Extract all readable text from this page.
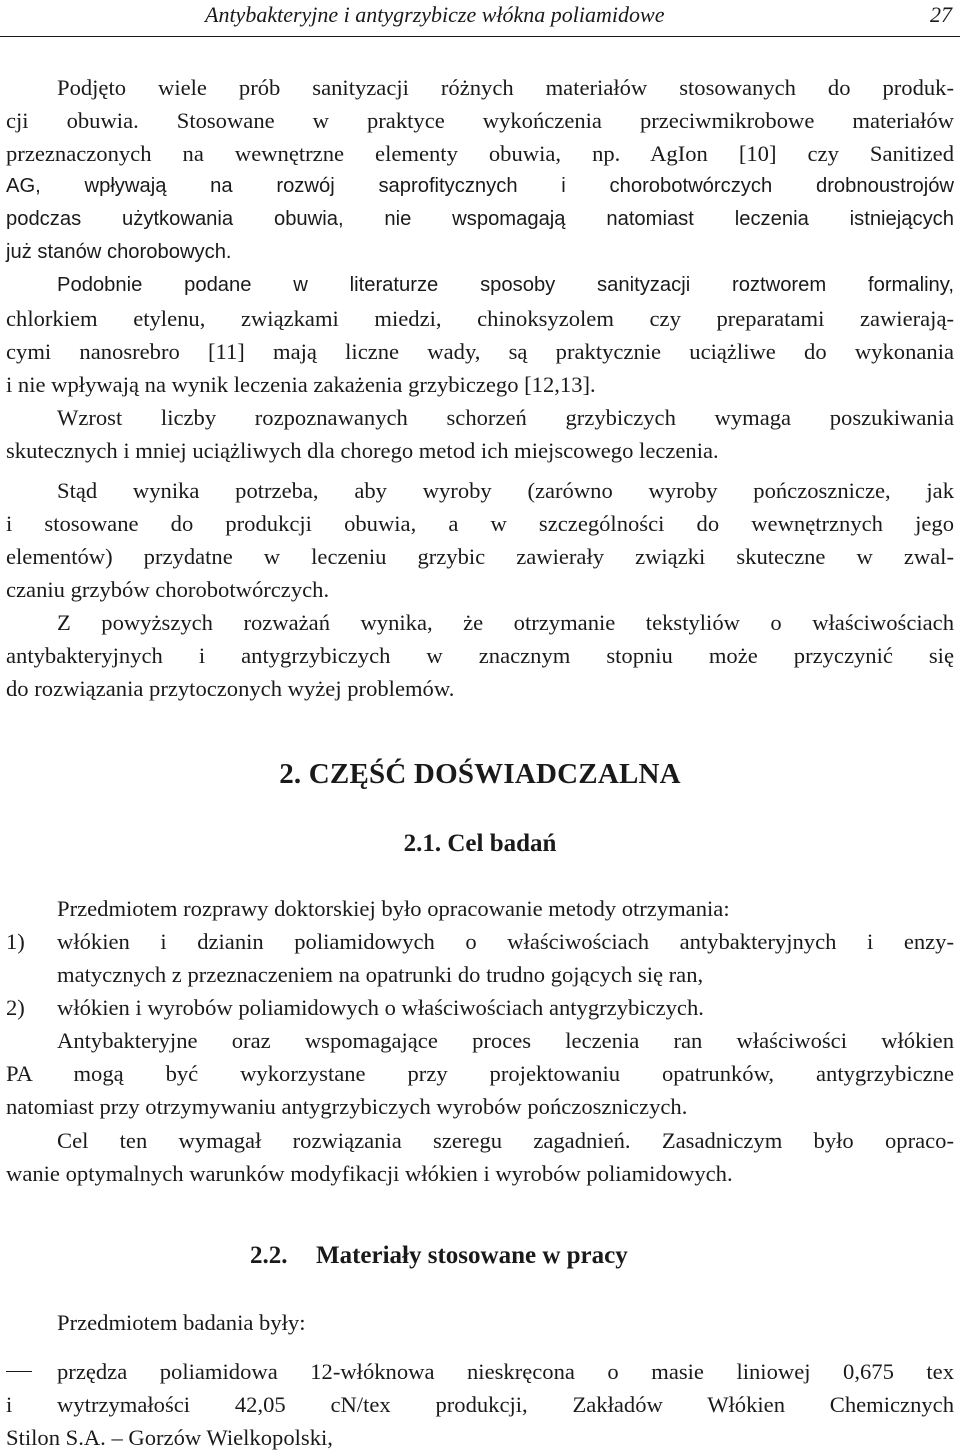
Antybakteryjne i antygrzybicze włókna poliamidowe	27
Podjęto wiele prób sanityzacji różnych materiałów stosowanych do produk-
cji obuwia. Stosowane w praktyce wykończenia przeciwmikrobowe materiałów
przeznaczonych na wewnętrzne elementy obuwia, np. AgIon [10] czy Sanitized
AG, wpływają na rozwój saprofitycznych i chorobotwórczych drobnoustrojów
podczas użytkowania obuwia, nie wspomagają natomiast leczenia istniejących
już stanów chorobowych.
Podobnie podane w literaturze sposoby sanityzacji roztworem formaliny,
chlorkiem etylenu, związkami miedzi, chinoksyzolem czy preparatami zawierają-
cymi nanosrebro [11] mają liczne wady, są praktycznie uciążliwe do wykonania
i nie wpływają na wynik leczenia zakażenia grzybiczego [12,13].
Wzrost liczby rozpoznawanych schorzeń grzybiczych wymaga poszukiwania
skutecznych i mniej uciążliwych dla chorego metod ich miejscowego leczenia.
Stąd wynika potrzeba, aby wyroby (zarówno wyroby pończosznicze, jak
i stosowane do produkcji obuwia, a w szczególności do wewnętrznych jego
elementów) przydatne w leczeniu grzybic zawierały związki skuteczne w zwal-
czaniu grzybów chorobotwórczych.
Z powyższych rozważań wynika, że otrzymanie tekstyliów o właściwościach
antybakteryjnych i antygrzybiczych w znacznym stopniu może przyczynić się
do rozwiązania przytoczonych wyżej problemów.
2. CZĘŚĆ DOŚWIADCZALNA
2.1. Cel badań
Przedmiotem rozprawy doktorskiej było opracowanie metody otrzymania:
1) włókien i dzianin poliamidowych o właściwościach antybakteryjnych i enzy-
matycznych z przeznaczeniem na opatrunki do trudno gojących się ran,
2) włókien i wyrobów poliamidowych o właściwościach antygrzybiczych.
Antybakteryjne oraz wspomagające proces leczenia ran właściwości włókien
PA mogą być wykorzystane przy projektowaniu opatrunków, antygrzybiczne
natomiast przy otrzymywaniu antygrzybiczych wyrobów pończoszniczych.
Cel ten wymagał rozwiązania szeregu zagadnień. Zasadniczym było opraco-
wanie optymalnych warunków modyfikacji włókien i wyrobów poliamidowych.
2.2. Materiały stosowane w pracy
Przedmiotem badania były:
przędza poliamidowa 12-włóknowa nieskręcona o masie liniowej 0,675 tex
i wytrzymałości 42,05 cN/tex produkcji, Zakładów Włókien Chemicznych
Stilon S.A. – Gorzów Wielkopolski,
